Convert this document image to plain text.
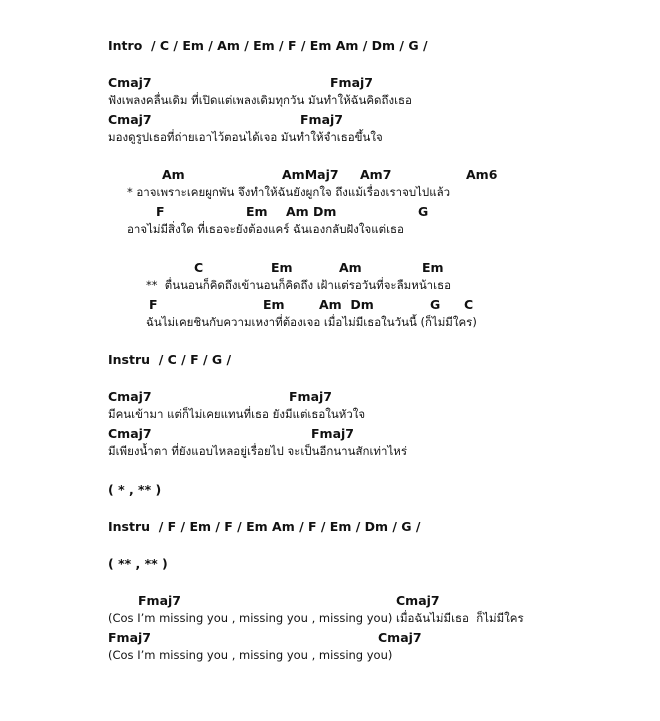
Intro  / C / Em / Am / Em / F / Em Am / Dm / G /
Cmaj7	Fmaj7
ฟังเพลงคลื่นเดิม ที่เปิดแต่เพลงเดิมทุกวัน มันทำให้ฉันคิดถึงเธอ
Cmaj7	Fmaj7
มองดูรูปเธอที่ถ่ายเอาไว้ตอนได้เจอ มันทำให้จำเธอขึ้นใจ
Am	AmMaj7 Am7	Am6
* อาจเพราะเคยผูกพัน จึงทำให้ฉันยังผูกใจ ถึงแม้เรื่องเราจบไปแล้ว
F	Em Am Dm	G
อาจไม่มีสิ่งใด ที่เธอจะยังต้องแคร์ ฉันเองกลับฝังใจแต่เธอ
C	Em	Am	Em
**  ตื่นนอนก็คิดถึงเข้านอนก็คิดถึง เฝ้าแต่รอวันที่จะลืมหน้าเธอ
F	Em	Am  Dm	G C
ฉันไม่เคยชินกับความเหงาที่ต้องเจอ เมื่อไม่มีเธอในวันนี้ (ก็ไม่มีใคร)
Instru  / C / F / G /
Cmaj7	Fmaj7
มีคนเข้ามา แต่ก็ไม่เคยแทนที่เธอ ยังมีแต่เธอในหัวใจ
Cmaj7	Fmaj7
มีเพียงน้ำตา ที่ยังแอบไหลอยู่เรื่อยไป จะเป็นอีกนานสักเท่าไหร่
( * , ** )
Instru  / F / Em / F / Em Am / F / Em / Dm / G /
( ** , ** )
Fmaj7	Cmaj7
(Cos I’m missing you , missing you , missing you) เมื่อฉันไม่มีเธอ  ก็ไม่มีใคร
Fmaj7	Cmaj7
(Cos I’m missing you , missing you , missing you)
